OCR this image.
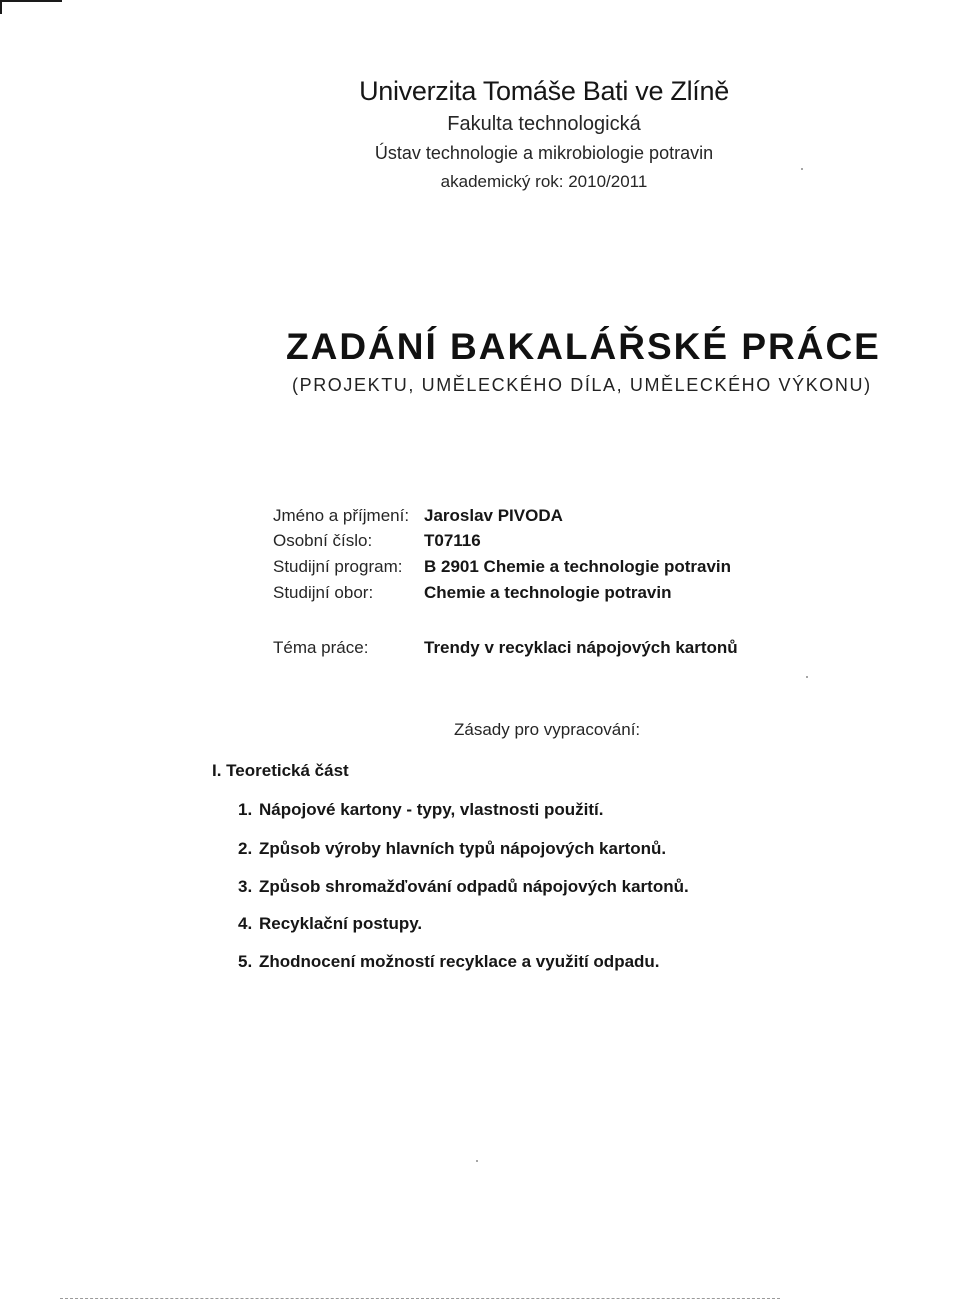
Univerzita Tomáše Bati ve Zlíně
Fakulta technologická
Ústav technologie a mikrobiologie potravin
akademický rok: 2010/2011
ZADÁNÍ BAKALÁŘSKÉ PRÁCE
(PROJEKTU, UMĚLECKÉHO DÍLA, UMĚLECKÉHO VÝKONU)
Jméno a příjmení: Jaroslav PIVODA
Osobní číslo:	T07116
Studijní program: B 2901 Chemie a technologie potravin
Studijní obor:	Chemie a technologie potravin
Téma práce:	Trendy v recyklaci nápojových kartonů
Zásady pro vypracování:
I. Teoretická část
1. Nápojové kartony - typy, vlastnosti použití.
2. Způsob výroby hlavních typů nápojových kartonů.
3. Způsob shromažďování odpadů nápojových kartonů.
4. Recyklační postupy.
5. Zhodnocení možností recyklace a využití odpadu.
